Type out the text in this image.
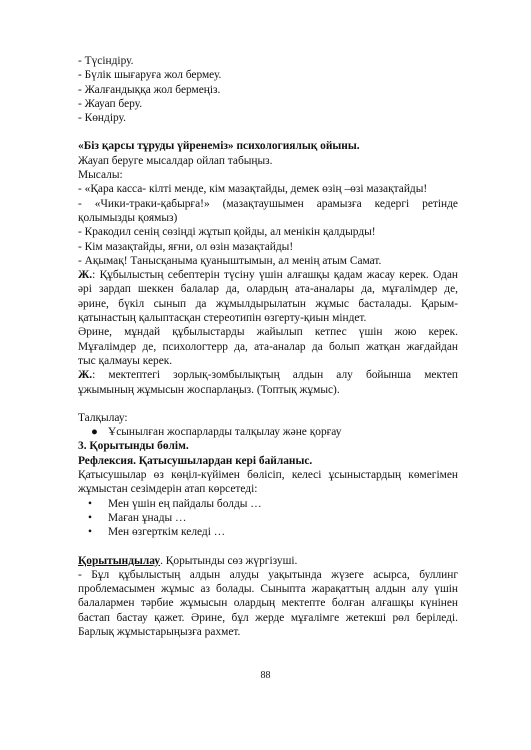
- Түсіндіру.
- Бүлік шығаруға жол бермеу.
- Жалғандыққа жол бермеңіз.
- Жауап беру.
- Көндіру.
«Біз қарсы тұруды үйренеміз» психологиялық ойыны.
Жауап беруге мысалдар ойлап табыңыз.
Мысалы:
- «Қара касса- кілті менде, кім мазақтайды, демек өзің –өзі мазақтайды!
- «Чики-траки-қабырға!» (мазақтаушымен арамызға кедергі ретінде
қолымызды қоямыз)
- Кракодил сенің сөзіңді жұтып қойды, ал менікін қалдырды!
- Кім мазақтайды, яғни, ол өзін мазақтайды!
- Ақымақ! Танысқаныма қуаныштымын, ал менің атым Самат.
Ж.: Құбылыстың себептерін түсіну үшін алғашқы қадам жасау керек. Одан
әрі зардап шеккен балалар да, олардың ата-аналары да, мұғалімдер де,
әрине, бүкіл сынып да жұмылдырылатын жұмыс басталады. Қарым-
қатынастың қалыптасқан стереотипін өзгерту-қиын міндет.
Әрине, мұндай құбылыстарды жайылып кетпес үшін жою керек.
Мұғалімдер де, психологтерр да, ата-аналар да болып жатқан жағдайдан
тыс қалмауы керек.
Ж.: мектептегі зорлық-зомбылықтың алдын алу бойынша мектеп
ұжымының жұмысын жоспарлаңыз. (Топтық жұмыс).
Талқылау:
● Ұсынылған жоспарларды талқылау және қорғау
3. Қорытынды бөлім.
Рефлексия. Қатысушылардан кері байланыс.
Қатысушылар өз көңіл-күйімен бөлісіп, келесі ұсыныстардың көмегімен
жұмыстан сезімдерін атап көрсетеді:
• Мен үшін ең пайдалы болды …
• Маған ұнады …
• Мен өзгерткім келеді …
Қорытындылау. Қорытынды сөз жүргізуші.
- Бұл құбылыстың алдын алуды уақытында жүзеге асырса, буллинг
проблемасымен жұмыс аз болады. Сыныпта жарақаттың алдын алу үшін
балалармен тәрбие жұмысын олардың мектепте болған алғашқы күнінен
бастап бастау қажет. Әрине, бұл жерде мұғалімге жетекші рөл беріледі.
Барлық жұмыстарыңызға рахмет.
88
